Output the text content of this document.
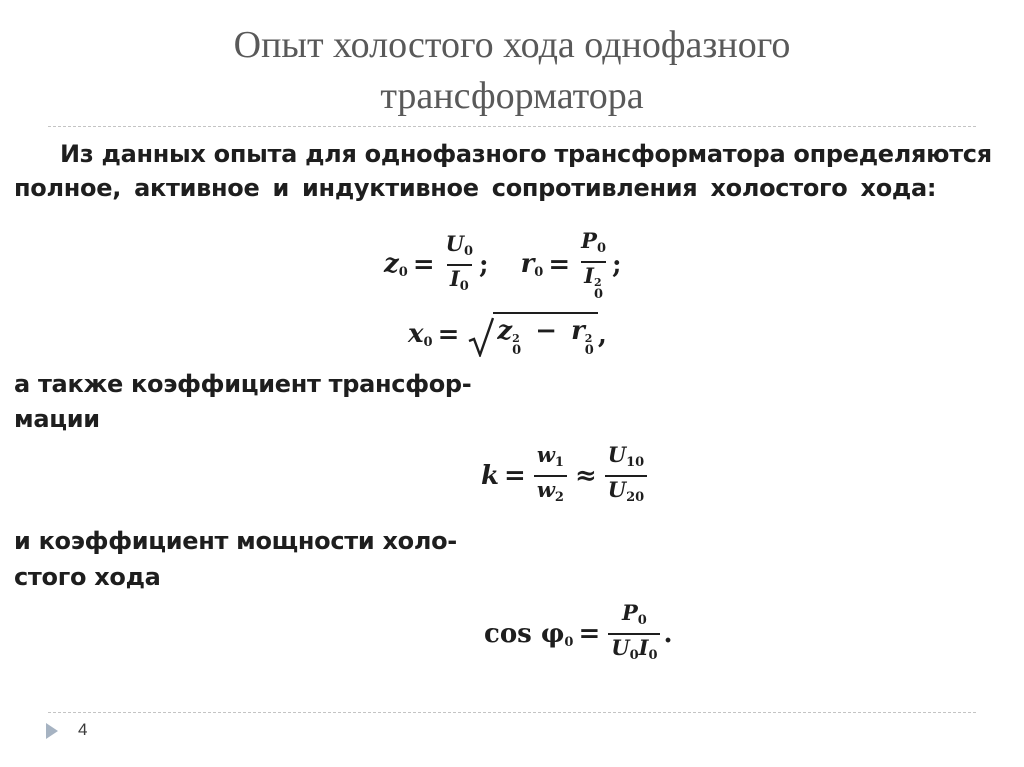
Опыт холостого хода однофазного
трансформатора
Из данных опыта для однофазного трансформатора определяются
полное, активное и индуктивное сопротивления холостого хода:
$z_0 = \frac{U_0}{I_0}$ ; $r_0 = P_0$
I 2
0 ;
$x_0 = z$ 2
0
− r 2
0
,
а также коэффициент трансфор-
мации
$k = \frac{w_1}{w_2} \approx \frac{U_{10}}{U_{20}}$
и коэффициент мощности холо-
стого хода
$\cos \varphi_0 = \frac{P_0}{U_0I_0}$ .
4
